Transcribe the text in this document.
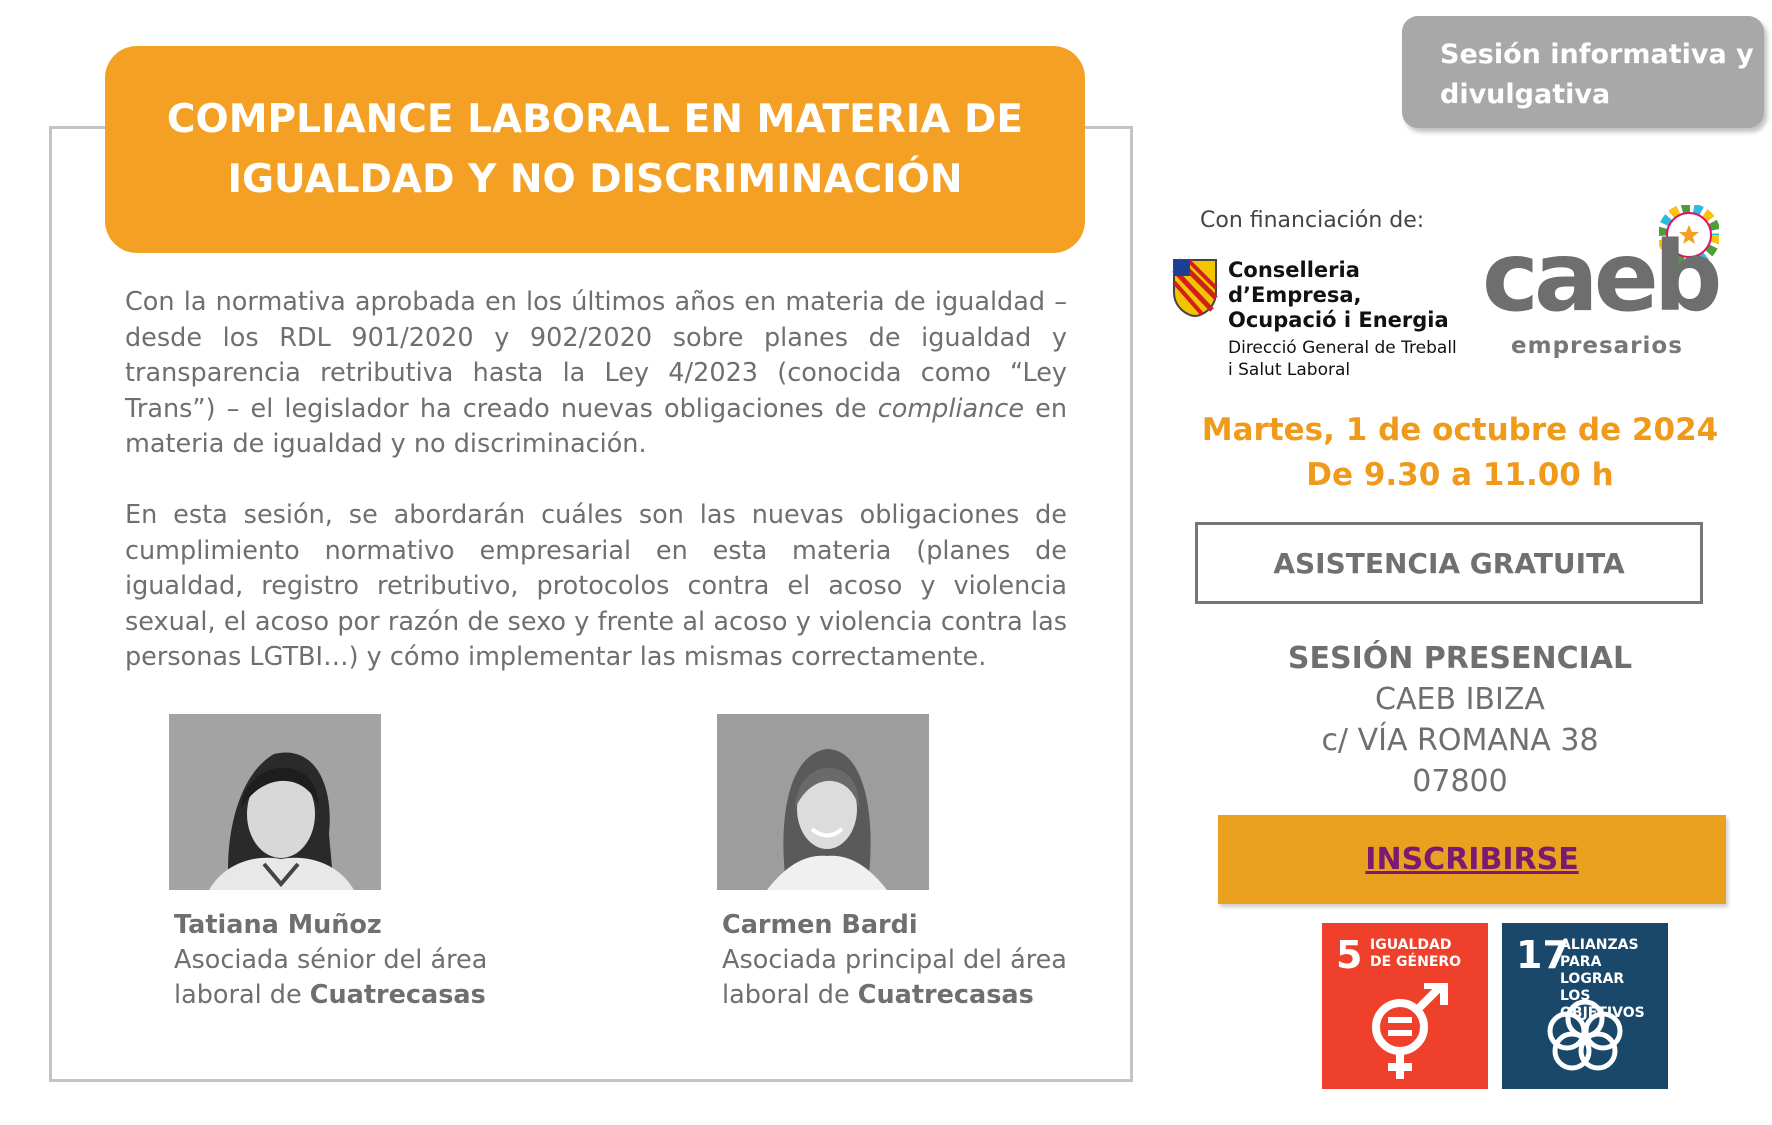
COMPLIANCE LABORAL EN MATERIA DE IGUALDAD Y NO DISCRIMINACIÓN

Con la normativa aprobada en los últimos años en materia de igualdad – desde los RDL 901/2020 y 902/2020 sobre planes de igualdad y transparencia retributiva hasta la Ley 4/2023 (conocida como “Ley Trans”) – el legislador ha creado nuevas obligaciones de compliance en materia de igualdad y no discriminación.

En esta sesión, se abordarán cuáles son las nuevas obligaciones de cumplimiento normativo empresarial en esta materia (planes de igualdad, registro retributivo, protocolos contra el acoso y violencia sexual, el acoso por razón de sexo y frente al acoso y violencia contra las personas LGTBI…) y cómo implementar las mismas correctamente.

Tatiana Muñoz
Asociada sénior del área
laboral de Cuatrecasas
Carmen Bardi
Asociada principal del área
laboral de Cuatrecasas
Sesión informativa y
divulgativa
Con financiación de:
Conselleria d’Empresa,
Ocupació i Energia
Direcció General de Treball
i Salut Laboral
caeb
empresarios
Martes, 1 de octubre de 2024
De 9.30 a 11.00 h
ASISTENCIA GRATUITA
SESIÓN PRESENCIAL
CAEB IBIZA
c/ VÍA ROMANA 38
07800
INSCRIBIRSE
5 IGUALDAD
DE GÉNERO 17
ALIANZAS PARA
LOGRAR
LOS OBJETIVOS
